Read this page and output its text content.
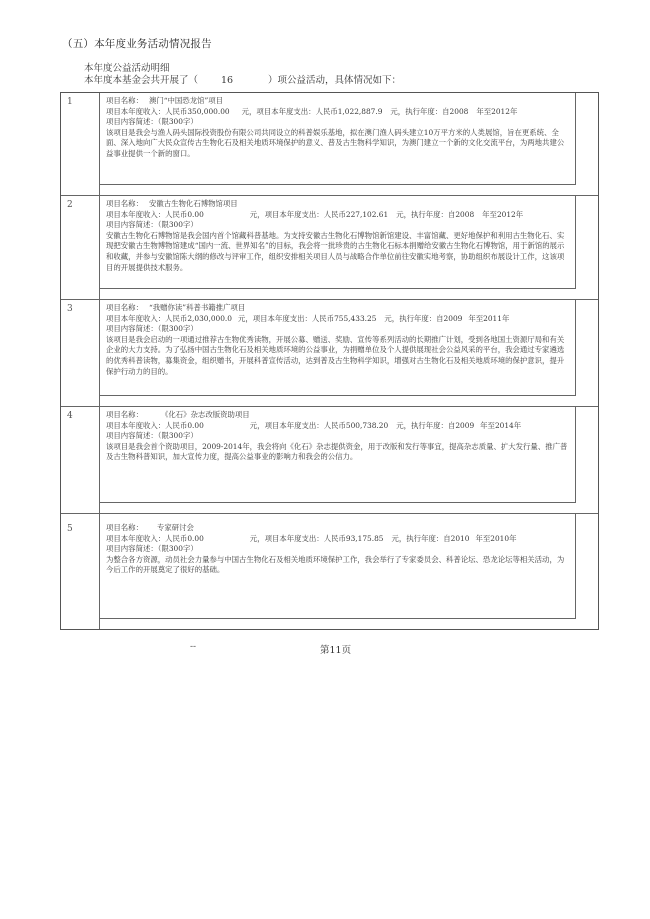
（五）本年度业务活动情况报告
本年度公益活动明细
本年度本基金会共开展了（ 16	）项公益活动，具体情况如下：
1	项目名称： 澳门“中国恐龙馆”项目
项目本年度收入：人民币350,000.00 元，项目本年度支出：人民币1,022,887.9 元，执行年度：自2008 年至2012年
项目内容简述：（限300字）
该项目是我会与渔人码头国际投资股份有限公司共同设立的科普娱乐基地，拟在澳门渔人码头建立10万平方米的人类展馆，旨在更系统、全面、深入地向广大民众宣传古生物化石及相关地质环境保护的意义、普及古生物科学知识，为澳门建立一个新的文化交流平台，为两地共建公益事业提供一个新的窗口。
2	项目名称： 安徽古生物化石博物馆项目
项目本年度收入：人民币0.00	元，项目本年度支出：人民币227,102.61 元，执行年度：自2008 年至2012年
项目内容简述：（限300字）
安徽古生物化石博物馆是我会国内首个馆藏科普基地。为支持安徽古生物化石博物馆新馆建设、丰富馆藏、更好地保护和利用古生物化石、实现把安徽古生物博物馆建成“国内一流、世界知名”的目标，我会将一批珍贵的古生物化石标本捐赠给安徽古生物化石博物馆，用于新馆的展示和收藏，并参与安徽馆陈大纲的修改与评审工作，组织安排相关项目人员与战略合作单位前往安徽实地考察，协助组织布展设计工作，这该项目的开展提供技术服务。
3	项目名称： “我赠你读”科普书籍推广项目
项目本年度收入：人民币2,030,000.0 元，项目本年度支出：人民币755,433.25 元，执行年度：自2009 年至2011年
项目内容简述：（限300字）
该项目是我会启动的一项通过推荐古生物优秀读物，开展公募、赠送、奖励、宣传等系列活动的长期推广计划，受到各地国土资源厅局和有关企业的大力支持。为了弘扬中国古生物化石及相关地质环境的公益事业，为捐赠单位及个人提供展现社会公益风采的平台，我会通过专家遴选的优秀科普读物，募集资金，组织赠书，开展科普宣传活动，达到普及古生物科学知识，增强对古生物化石及相关地质环境的保护意识，提升保护行动力的目的。
4	项目名称： 《化石》杂志改版资助项目
项目本年度收入：人民币0.00	元，项目本年度支出：人民币500,738.20 元，执行年度：自2009 年至2014年
项目内容简述：（限300字）
该项目是我会首个资助项目，2009-2014年，我会将向《化石》杂志提供资金，用于改版和发行等事宜，提高杂志质量、扩大发行量、推广普及古生物科普知识，加大宣传力度，提高公益事业的影响力和我会的公信力。
5	项目名称： 专家研讨会
项目本年度收入：人民币0.00	元，项目本年度支出：人民币93,175.85 元，执行年度：自2010 年至2010年
项目内容简述：（限300字）
为整合各方资源，动员社会力量参与中国古生物化石及相关地质环境保护工作，我会举行了专家委员会、科普论坛、恐龙论坛等相关活动，为今后工作的开展奠定了很好的基础。
--	第11页
